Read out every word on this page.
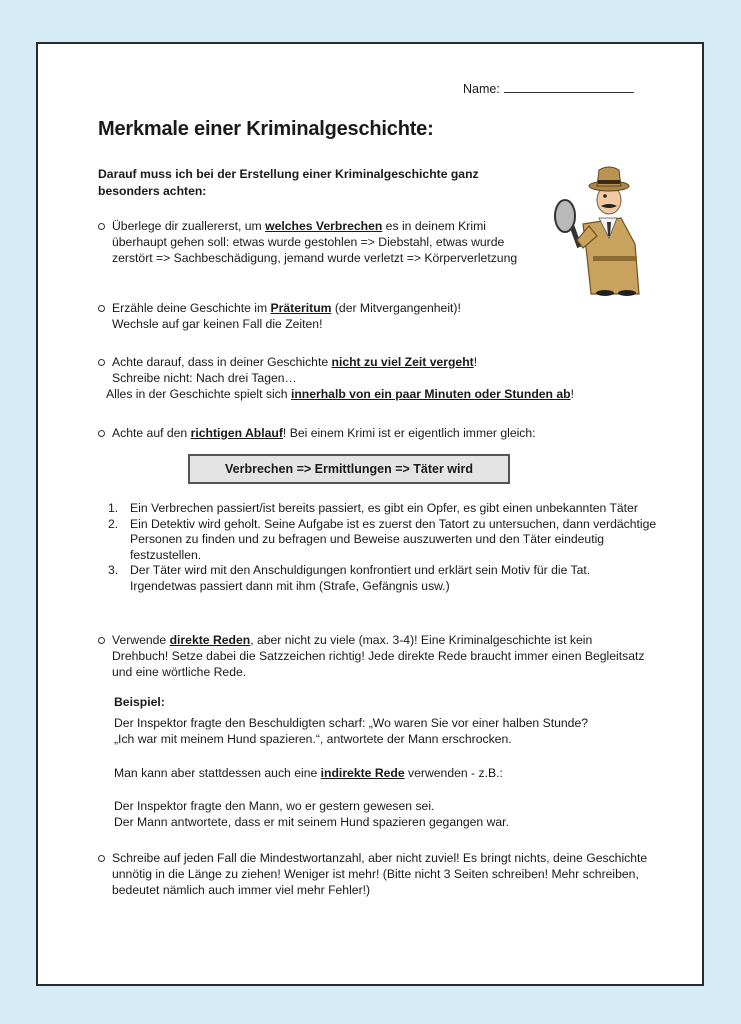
Name:
Merkmale einer Kriminalgeschichte:
Darauf muss ich bei der Erstellung einer Kriminalgeschichte ganz besonders achten:
Überlege dir zuallererst, um welches Verbrechen es in deinem Krimi überhaupt gehen soll: etwas wurde gestohlen => Diebstahl, etwas wurde zerstört => Sachbeschädigung, jemand wurde verletzt => Körperverletzung
Erzähle deine Geschichte im Präteritum (der Mitvergangenheit)!
Wechsle auf gar keinen Fall die Zeiten!
Achte darauf, dass in deiner Geschichte nicht zu viel Zeit vergeht!
Schreibe nicht: Nach drei Tagen…
Alles in der Geschichte spielt sich innerhalb von ein paar Minuten oder Stunden ab!
Achte auf den richtigen Ablauf! Bei einem Krimi ist er eigentlich immer gleich:
Verbrechen => Ermittlungen => Täter wird
1. Ein Verbrechen passiert/ist bereits passiert, es gibt ein Opfer, es gibt einen unbekannten Täter
2. Ein Detektiv wird geholt. Seine Aufgabe ist es zuerst den Tatort zu untersuchen, dann verdächtige Personen zu finden und zu befragen und Beweise auszuwerten und den Täter eindeutig festzustellen.
3. Der Täter wird mit den Anschuldigungen konfrontiert und erklärt sein Motiv für die Tat. Irgendetwas passiert dann mit ihm (Strafe, Gefängnis usw.)
Verwende direkte Reden, aber nicht zu viele (max. 3-4)! Eine Kriminalgeschichte ist kein Drehbuch! Setze dabei die Satzzeichen richtig! Jede direkte Rede braucht immer einen Begleitsatz und eine wörtliche Rede.
Beispiel:
Der Inspektor fragte den Beschuldigten scharf: „Wo waren Sie vor einer halben Stunde?
„Ich war mit meinem Hund spazieren.“, antwortete der Mann erschrocken.
Man kann aber stattdessen auch eine indirekte Rede verwenden - z.B.:
Der Inspektor fragte den Mann, wo er gestern gewesen sei.
Der Mann antwortete, dass er mit seinem Hund spazieren gegangen war.
Schreibe auf jeden Fall die Mindestwortanzahl, aber nicht zuviel! Es bringt nichts, deine Geschichte unnötig in die Länge zu ziehen! Weniger ist mehr! (Bitte nicht 3 Seiten schreiben! Mehr schreiben, bedeutet nämlich auch immer viel mehr Fehler!)
